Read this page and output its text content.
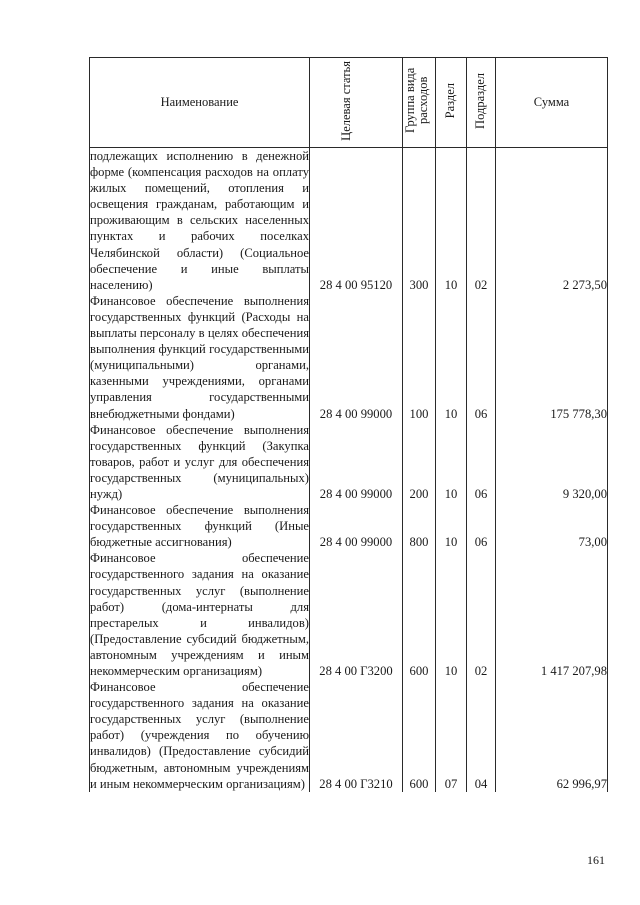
Наименование	Целевая статья	Группа вида расходов	Раздел	Подраздел	Сумма

подлежащих исполнению в денежной форме (компенсация расходов на оплату жилых помещений, отопления и освещения гражданам, работающим и проживающим в сельских населенных пунктах и рабочих поселках Челябинской области) (Социальное обеспечение и иные выплаты населению)	28 4 00 95120	300	10	02	2 273,50

Финансовое обеспечение выполнения государственных функций (Расходы на выплаты персоналу в целях обеспечения выполнения функций государственными (муниципальными) органами, казенными учреждениями, органами управления государственными внебюджетными фондами)	28 4 00 99000	100	10	06	175 778,30

Финансовое обеспечение выполнения государственных функций (Закупка товаров, работ и услуг для обеспечения государственных (муниципальных) нужд)	28 4 00 99000	200	10	06	9 320,00

Финансовое обеспечение выполнения государственных функций (Иные бюджетные ассигнования)	28 4 00 99000	800	10	06	73,00

Финансовое обеспечение государственного задания на оказание государственных услуг (выполнение работ) (дома-интернаты для престарелых и инвалидов) (Предоставление субсидий бюджетным, автономным учреждениям и иным некоммерческим организациям)	28 4 00 Г3200	600	10	02	1 417 207,98

Финансовое обеспечение государственного задания на оказание государственных услуг (выполнение работ) (учреждения по обучению инвалидов) (Предоставление субсидий бюджетным, автономным учреждениям и иным некоммерческим организациям)	28 4 00 Г3210	600	07	04	62 996,97
161
